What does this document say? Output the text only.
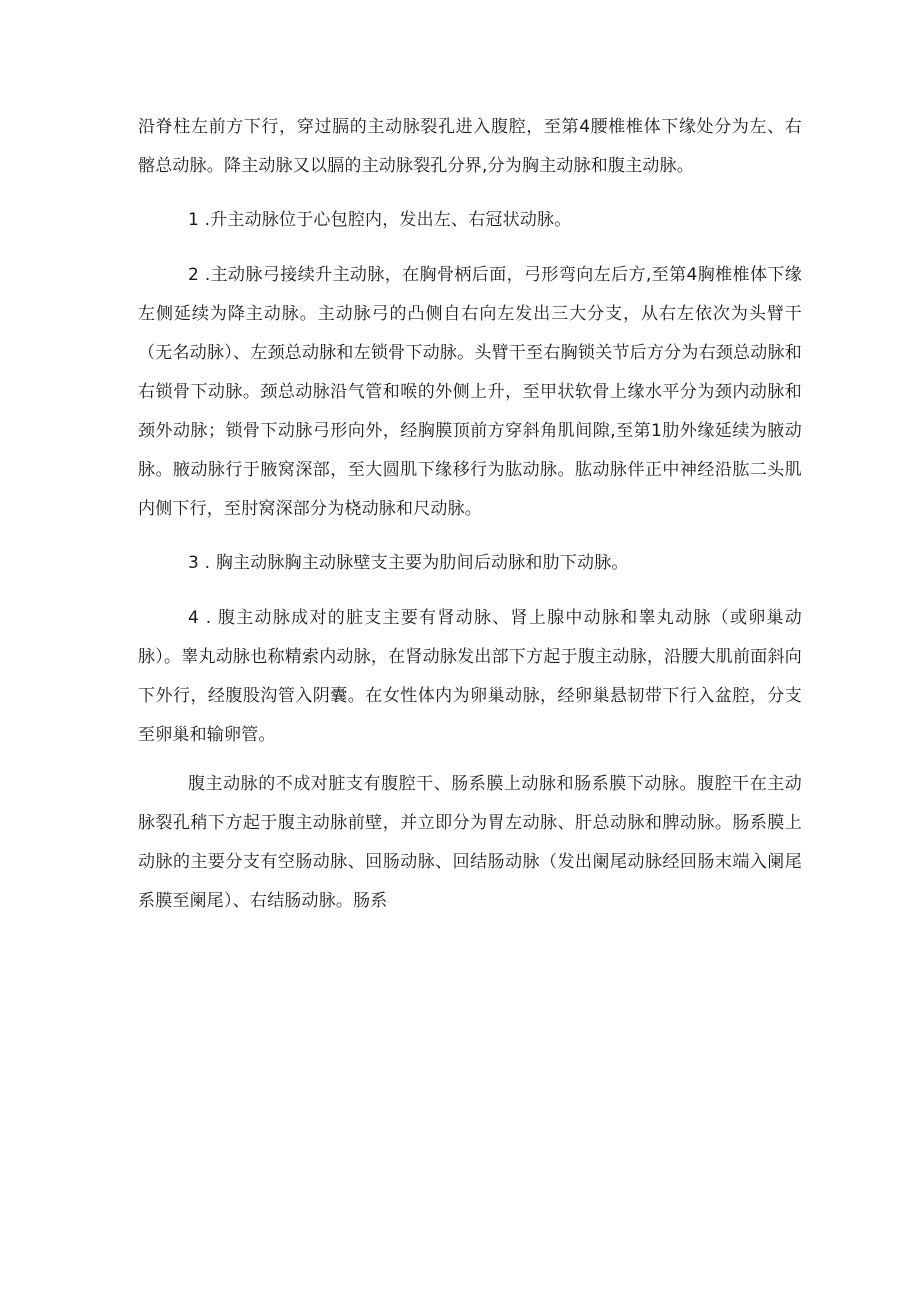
沿脊柱左前方下行，穿过膈的主动脉裂孔进入腹腔，至第4腰椎椎体下缘处分为左、右髂总动脉。降主动脉又以膈的主动脉裂孔分界,分为胸主动脉和腹主动脉。

1 .升主动脉位于心包腔内，发出左、右冠状动脉。

2 .主动脉弓接续升主动脉，在胸骨柄后面，弓形弯向左后方,至第4胸椎椎体下缘左侧延续为降主动脉。主动脉弓的凸侧自右向左发出三大分支，从右左依次为头臂干（无名动脉）、左颈总动脉和左锁骨下动脉。头臂干至右胸锁关节后方分为右颈总动脉和右锁骨下动脉。颈总动脉沿气管和喉的外侧上升，至甲状软骨上缘水平分为颈内动脉和颈外动脉；锁骨下动脉弓形向外，经胸膜顶前方穿斜角肌间隙,至第1肋外缘延续为腋动脉。腋动脉行于腋窝深部，至大圆肌下缘移行为肱动脉。肱动脉伴正中神经沿肱二头肌内侧下行，至肘窝深部分为桡动脉和尺动脉。

3 . 胸主动脉胸主动脉壁支主要为肋间后动脉和肋下动脉。

4 . 腹主动脉成对的脏支主要有肾动脉、肾上腺中动脉和睾丸动脉（或卵巢动脉）。睾丸动脉也称精索内动脉，在肾动脉发出部下方起于腹主动脉，沿腰大肌前面斜向下外行，经腹股沟管入阴囊。在女性体内为卵巢动脉，经卵巢悬韧带下行入盆腔，分支至卵巢和输卵管。

腹主动脉的不成对脏支有腹腔干、肠系膜上动脉和肠系膜下动脉。腹腔干在主动脉裂孔稍下方起于腹主动脉前壁，并立即分为胃左动脉、肝总动脉和脾动脉。肠系膜上动脉的主要分支有空肠动脉、回肠动脉、回结肠动脉（发出阑尾动脉经回肠末端入阑尾系膜至阑尾）、右结肠动脉。肠系
